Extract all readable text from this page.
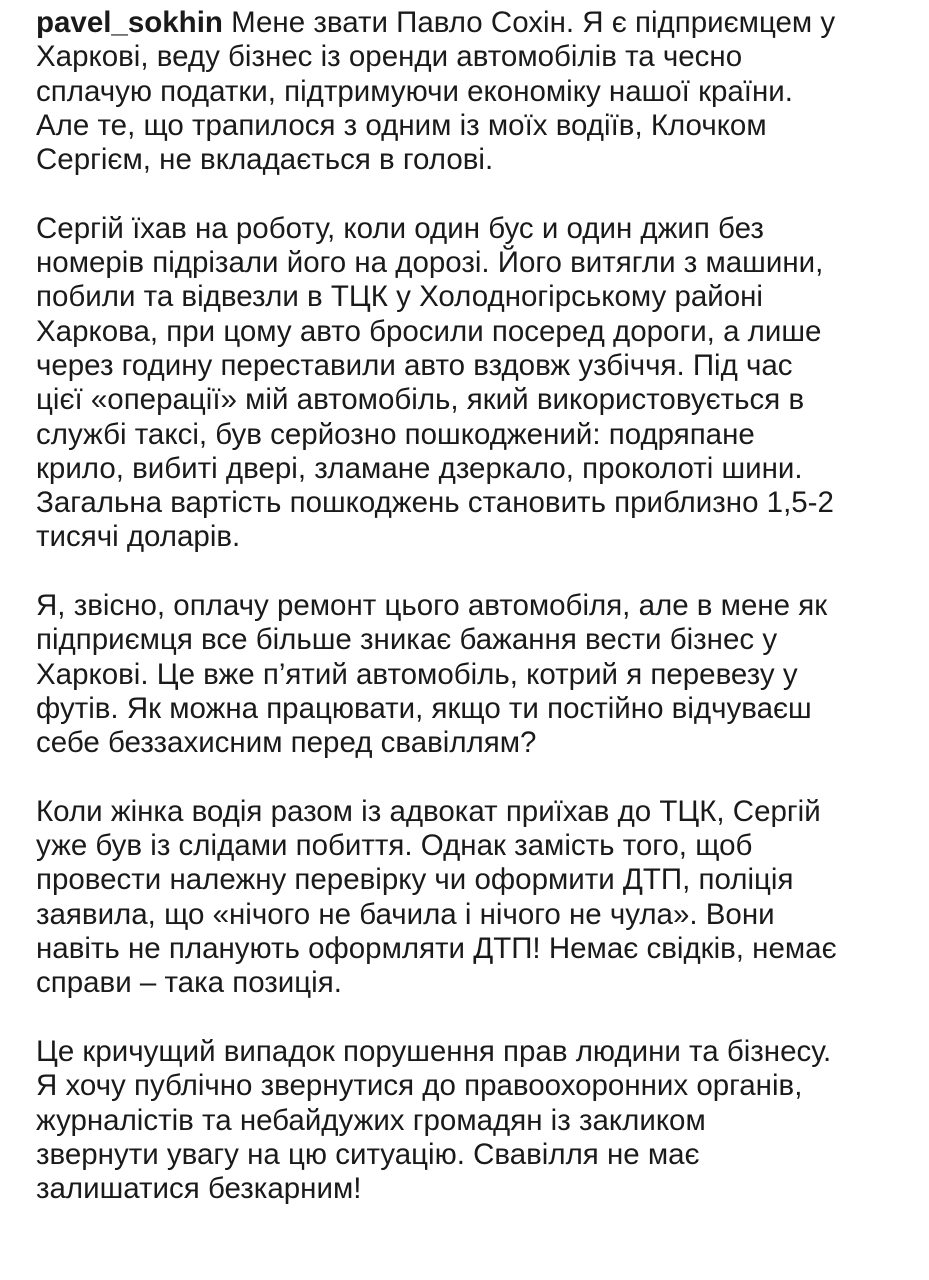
pavel_sokhin Мене звати Павло Сохін. Я є підприємцем у
Харкові, веду бізнес із оренди автомобілів та чесно
сплачую податки, підтримуючи економіку нашої країни.
Але те, що трапилося з одним із моїх водіїв, Клочком
Сергієм, не вкладається в голові.

Сергій їхав на роботу, коли один бус и один джип без
номерів підрізали його на дорозі. Його витягли з машини,
побили та відвезли в ТЦК у Холодногірському районі
Харкова, при цому авто бросили посеред дороги, а лише
через годину переставили авто вздовж узбіччя. Під час
цієї «операції» мій автомобіль, який використовується в
службі таксі, був серйозно пошкоджений: подряпане
крило, вибиті двері, зламане дзеркало, проколоті шини.
Загальна вартість пошкоджень становить приблизно 1,5-2
тисячі доларів.

Я, звісно, оплачу ремонт цього автомобіля, але в мене як
підприємця все більше зникає бажання вести бізнес у
Харкові. Це вже п’ятий автомобіль, котрий я перевезу у
футів. Як можна працювати, якщо ти постійно відчуваєш
себе беззахисним перед свавіллям?

Коли жінка водія разом із адвокат приїхав до ТЦК, Сергій
уже був із слідами побиття. Однак замість того, щоб
провести належну перевірку чи оформити ДТП, поліція
заявила, що «нічого не бачила і нічого не чула». Вони
навіть не планують оформляти ДТП! Немає свідків, немає
справи – така позиція.

Це кричущий випадок порушення прав людини та бізнесу.
Я хочу публічно звернутися до правоохоронних органів,
журналістів та небайдужих громадян із закликом
звернути увагу на цю ситуацію. Свавілля не має
залишатися безкарним!
